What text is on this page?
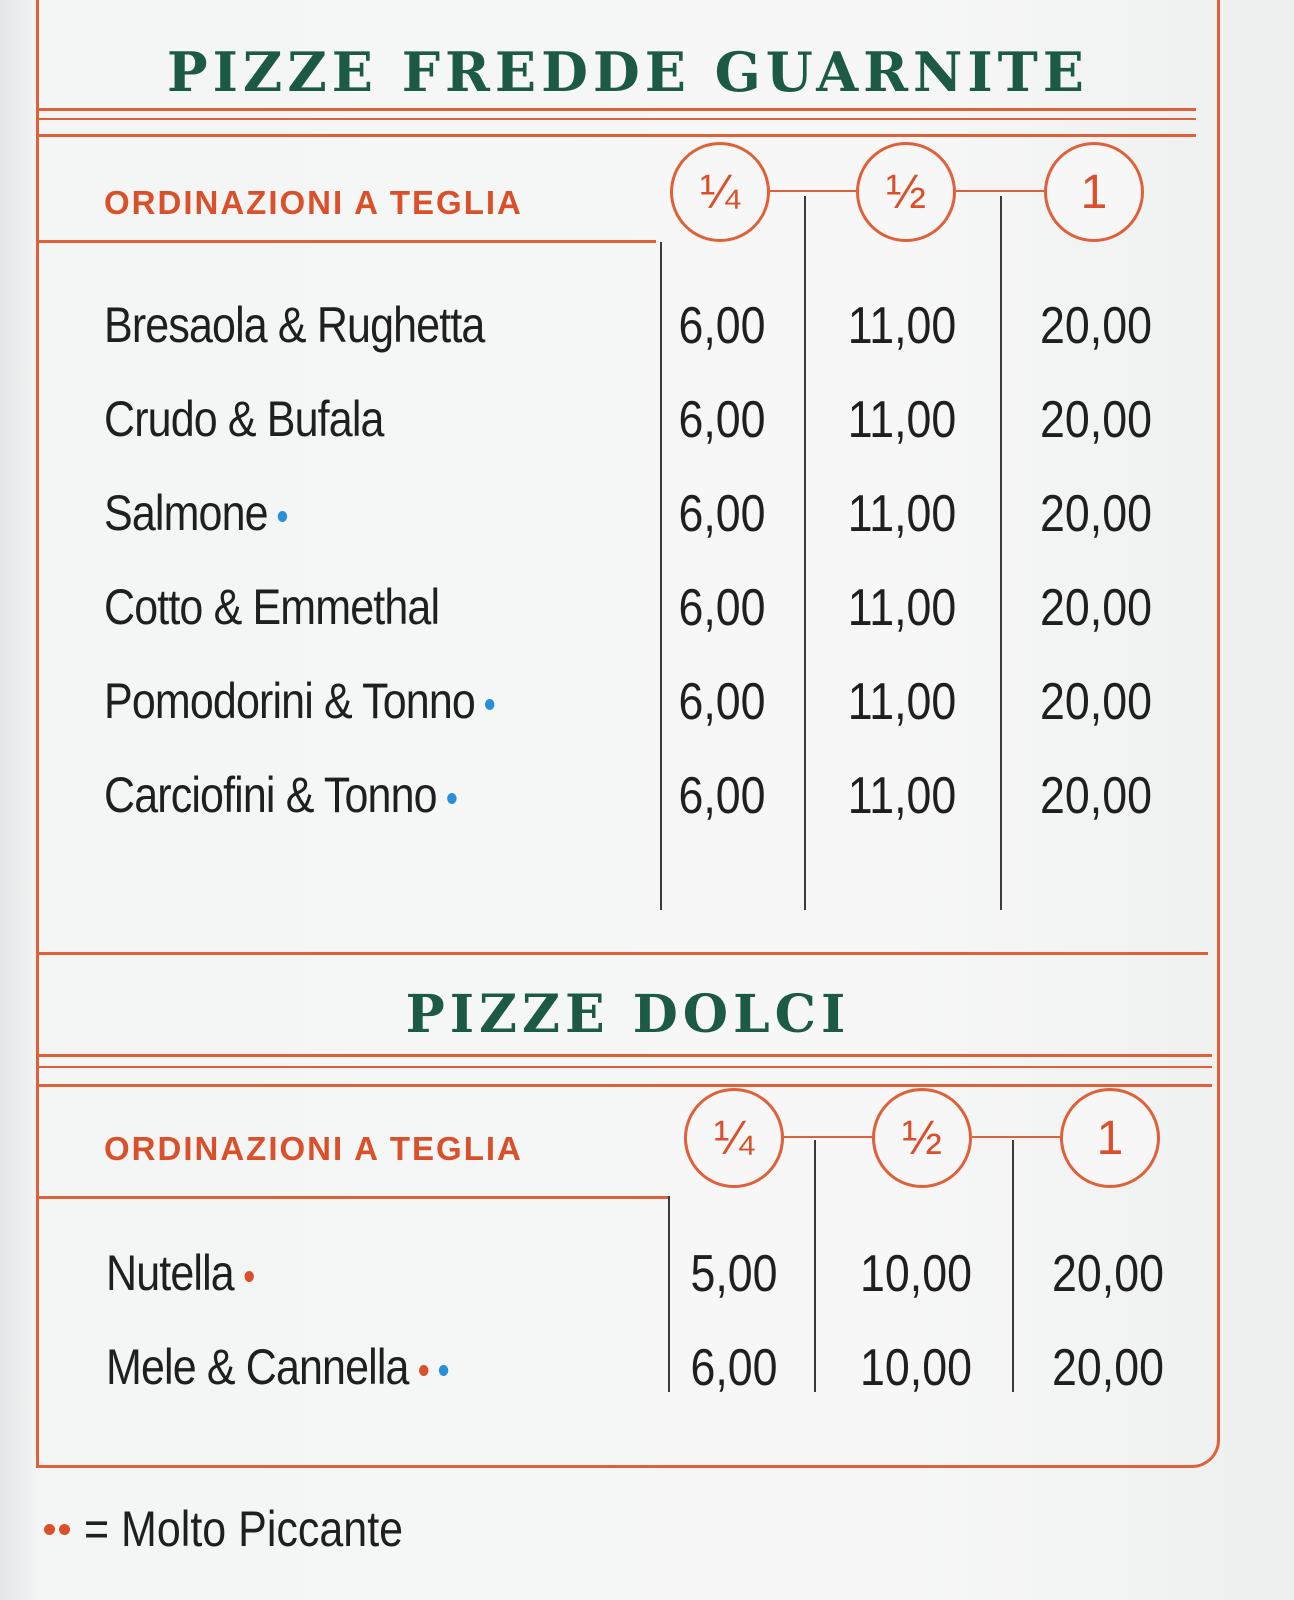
PIZZE FREDDE GUARNITE
ORDINAZIONI A TEGLIA	¼	½	1
Bresaola & Rughetta	6,00	11,00 20,00
Crudo & Bufala	6,00	11,00 20,00
Salmone	6,00	11,00 20,00
Cotto & Emmethal	6,00	11,00 20,00
Pomodorini & Tonno	6,00	11,00 20,00
Carciofini & Tonno	6,00	11,00 20,00
PIZZE DOLCI
ORDINAZIONI A TEGLIA	¼	½	1
Nutella	5,00	10,00 20,00
Mele & Cannella	6,00	10,00 20,00
= Molto Piccante
